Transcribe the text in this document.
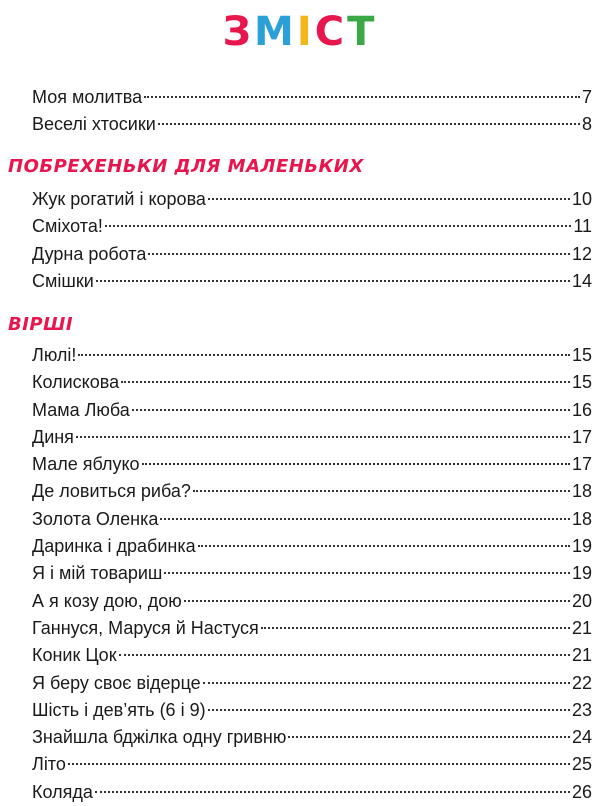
ЗМІСТ
Моя молитва	7
Веселі хтосики	8
ПОБРЕХЕНЬКИ ДЛЯ МАЛЕНЬКИХ
Жук рогатий і корова	10
Сміхота!	11
Дурна робота	12
Смішки	14
ВІРШІ
Люлі!	15
Колискова	15
Мама Люба	16
Диня	17
Мале яблуко	17
Де ловиться риба?	18
Золота Оленка	18
Даринка і драбинка	19
Я і мій товариш	19
А я козу дою, дою	20
Ганнуся, Маруся й Настуся	21
Коник Цок	21
Я беру своє відерце	22
Шість і дев’ять (6 і 9)	23
Знайшла бджілка одну гривню	24
Літо	25
Коляда	26
